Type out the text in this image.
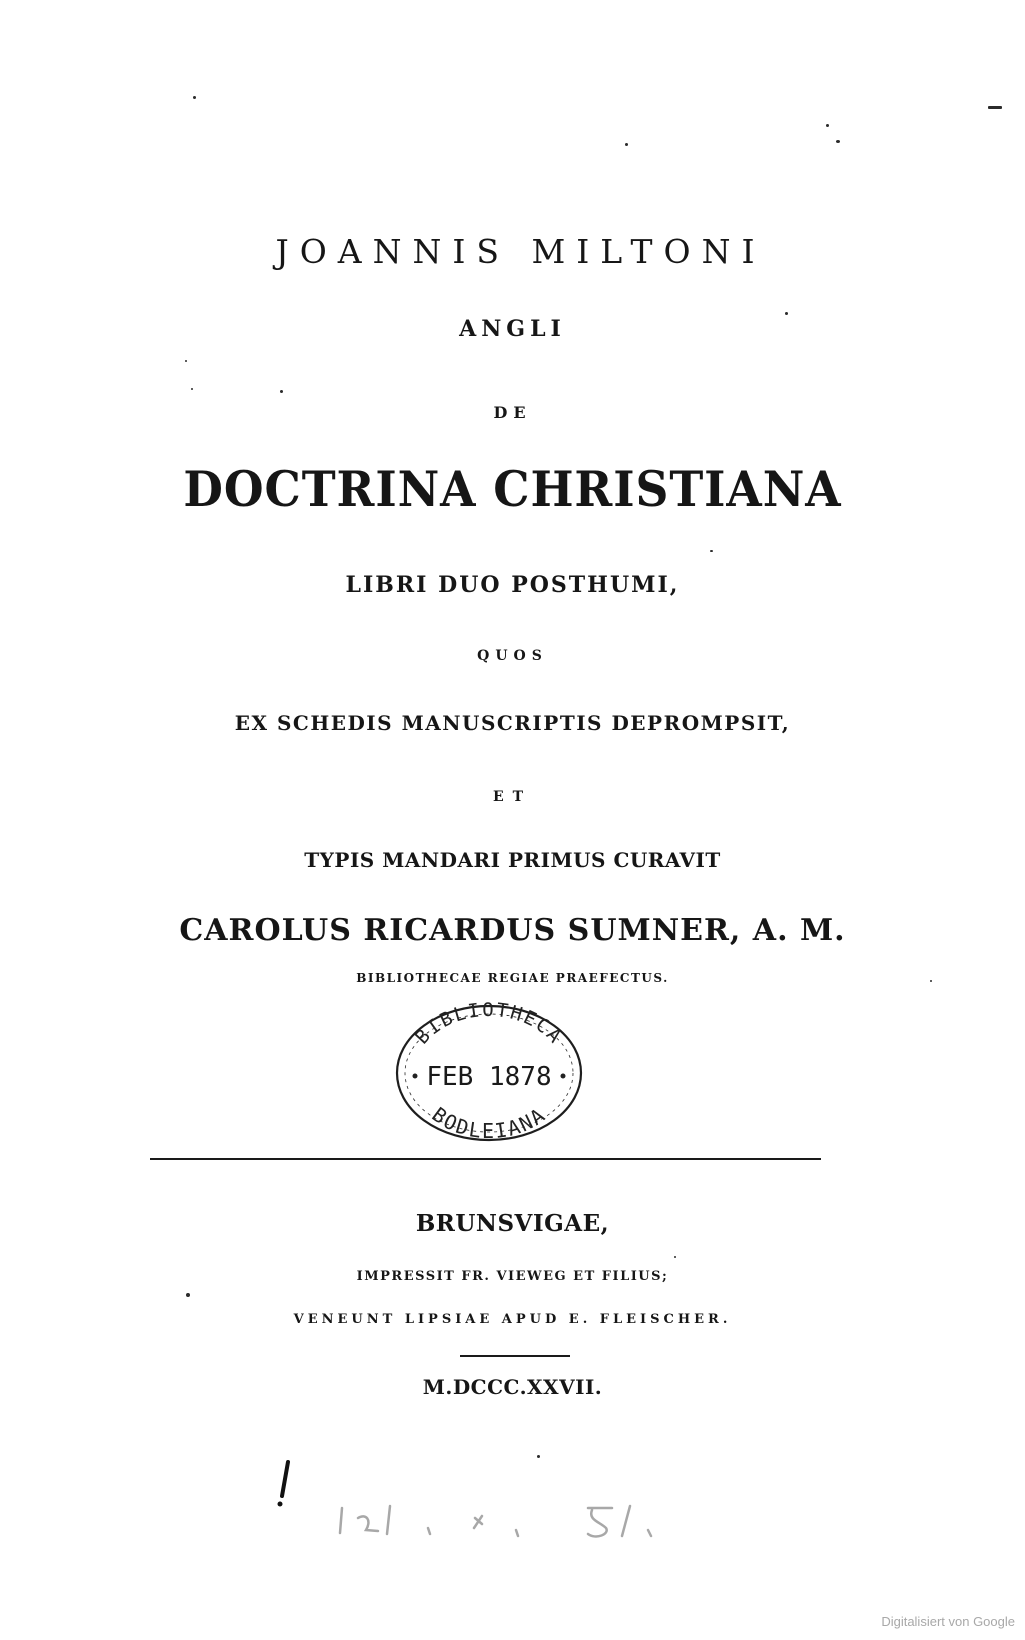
JOANNIS MILTONI
ANGLI
DE
DOCTRINA CHRISTIANA
LIBRI DUO POSTHUMI,
QUOS
EX SCHEDIS MANUSCRIPTIS DEPROMPSIT,
ET
TYPIS MANDARI PRIMUS CURAVIT
CAROLUS RICARDUS SUMNER, A. M.
BIBLIOTHECAE REGIAE PRAEFECTUS.
BIBLIOTHECA
FEB 1878
BODLEIANA
BRUNSVIGAE,
IMPRESSIT FR. VIEWEG ET FILIUS;
VENEUNT LIPSIAE APUD E. FLEISCHER.
M.DCCC.XXVII.
Digitalisiert von Google
